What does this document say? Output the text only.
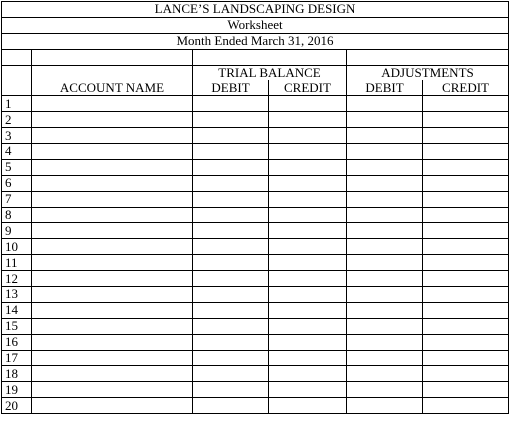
LANCE’S LANDSCAPING DESIGN					
Worksheet					
Month Ended March 31, 2016					

		TRIAL BALANCE		ADJUSTMENTS	
	ACCOUNT NAME	DEBIT	CREDIT	DEBIT	CREDIT
1					
2					
3					
4					
5					
6					
7					
8					
9					
10					
11					
12					
13					
14					
15					
16					
17					
18					
19					
20					
